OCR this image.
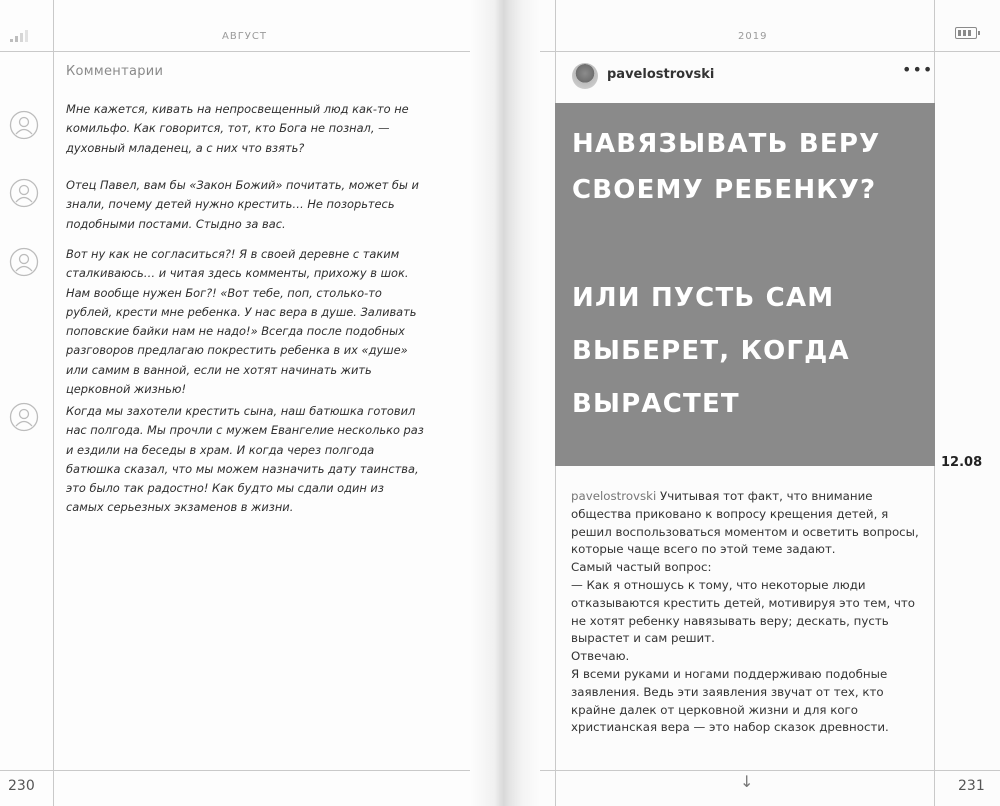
АВГУСТ	2019
Комментарии
Мне кажется, кивать на непросвещенный люд как-то не комильфо. Как говорится, тот, кто Бога не познал, — духовный младенец, а с них что взять?
Отец Павел, вам бы «Закон Божий» почитать, может бы и знали, почему детей нужно крестить… Не позорьтесь подобными постами. Стыдно за вас.
Вот ну как не согласиться?! Я в своей деревне с таким сталкиваюсь… и читая здесь комменты, прихожу в шок. Нам вообще нужен Бог?! «Вот тебе, поп, столько-то рублей, крести мне ребенка. У нас вера в душе. Заливать поповские байки нам не надо!» Всегда после подобных разговоров предлагаю покрестить ребенка в их «душе» или самим в ванной, если не хотят начинать жить церковной жизнью!
Когда мы захотели крестить сына, наш батюшка готовил нас полгода. Мы прочли с мужем Евангелие несколько раз и ездили на беседы в храм. И когда через полгода батюшка сказал, что мы можем назначить дату таинства, это было так радостно! Как будто мы сдали один из самых серьезных экзаменов в жизни.
230
pavelostrovski	•••
НАВЯЗЫВАТЬ ВЕРУ
СВОЕМУ РЕБЕНКУ?
ИЛИ ПУСТЬ САМ
ВЫБЕРЕТ, КОГДА
ВЫРАСТЕТ
12.08
pavelostrovski Учитывая тот факт, что внимание общества приковано к вопросу крещения детей, я решил воспользоваться моментом и осветить вопросы, которые чаще всего по этой теме задают.
Самый частый вопрос:
— Как я отношусь к тому, что некоторые люди отказываются крестить детей, мотивируя это тем, что не хотят ребенку навязывать веру; дескать, пусть вырастет и сам решит.
Отвечаю.
Я всеми руками и ногами поддерживаю подобные заявления. Ведь эти заявления звучат от тех, кто крайне далек от церковной жизни и для кого христианская вера — это набор сказок древности.
↓	231
